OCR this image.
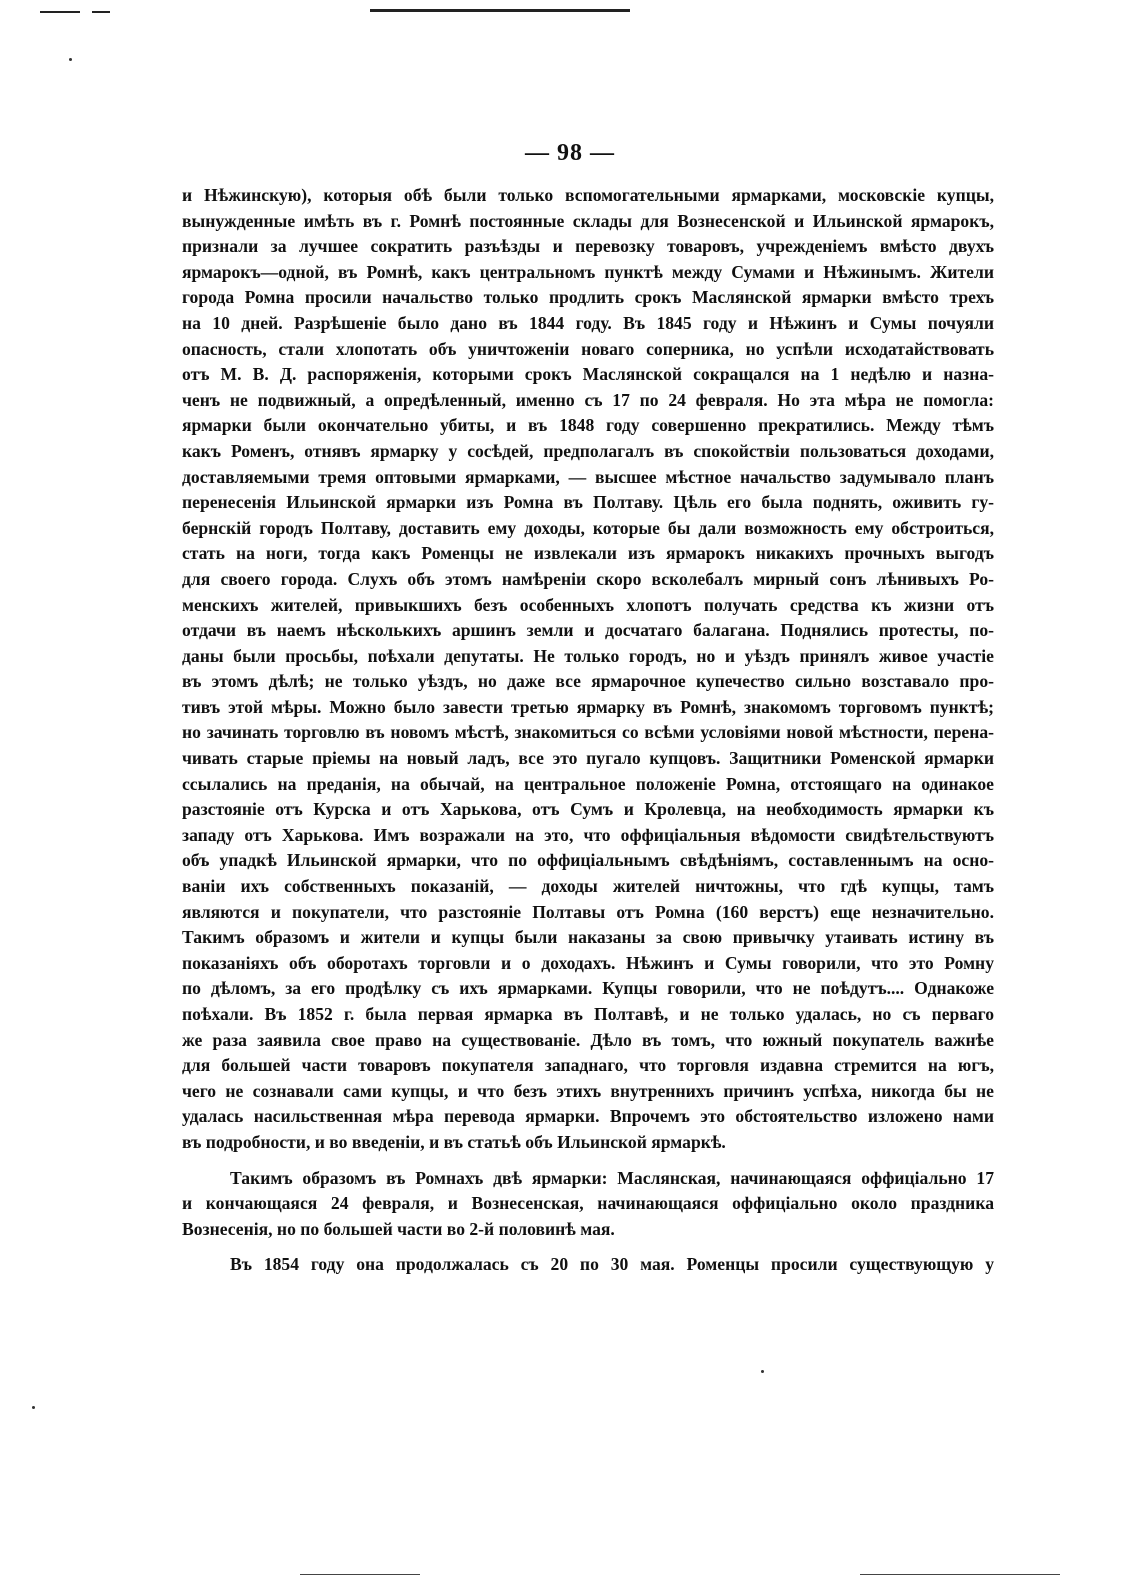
— 98 —
и Нѣжинскую), которыя обѣ были только вспомогательными ярмарками, московскіе купцы,
вынужденные имѣть въ г. Ромнѣ постоянные склады для Вознесенской и Ильинской ярмарокъ,
признали за лучшее сократить разъѣзды и перевозку товаровъ, учрежденіемъ вмѣсто двухъ
ярмарокъ—одной, въ Ромнѣ, какъ центральномъ пунктѣ между Сумами и Нѣжинымъ. Жители
города Ромна просили начальство только продлить срокъ Маслянской ярмарки вмѣсто трехъ
на 10 дней. Разрѣшеніе было дано въ 1844 году. Въ 1845 году и Нѣжинъ и Сумы почуяли
опасность, стали хлопотать объ уничтоженіи новаго соперника, но успѣли исходатайствовать
отъ М. В. Д. распоряженія, которыми срокъ Маслянской сокращался на 1 недѣлю и назна-
ченъ не подвижный, а опредѣленный, именно съ 17 по 24 февраля. Но эта мѣра не помогла:
ярмарки были окончательно убиты, и въ 1848 году совершенно прекратились. Между тѣмъ
какъ Роменъ, отнявъ ярмарку у сосѣдей, предполагалъ въ спокойствіи пользоваться доходами,
доставляемыми тремя оптовыми ярмарками, — высшее мѣстное начальство задумывало планъ
перенесенія Ильинской ярмарки изъ Ромна въ Полтаву. Цѣль его была поднять, оживить гу-
бернскій городъ Полтаву, доставить ему доходы, которые бы дали возможность ему обстроиться,
стать на ноги, тогда какъ Роменцы не извлекали изъ ярмарокъ никакихъ прочныхъ выгодъ
для своего города. Слухъ объ этомъ намѣреніи скоро всколебалъ мирный сонъ лѣнивыхъ Ро-
менскихъ жителей, привыкшихъ безъ особенныхъ хлопотъ получать средства къ жизни отъ
отдачи въ наемъ нѣсколькихъ аршинъ земли и досчатаго балагана. Поднялись протесты, по-
даны были просьбы, поѣхали депутаты. Не только городъ, но и уѣздъ принялъ живое участіе
въ этомъ дѣлѣ; не только уѣздъ, но даже все ярмарочное купечество сильно возставало про-
тивъ этой мѣры. Можно было завести третью ярмарку въ Ромнѣ, знакомомъ торговомъ пунктѣ;
но зачинать торговлю въ новомъ мѣстѣ, знакомиться со всѣми условіями новой мѣстности, перена-
чивать старые пріемы на новый ладъ, все это пугало купцовъ. Защитники Роменской ярмарки
ссылались на преданія, на обычай, на центральное положеніе Ромна, отстоящаго на одинакое
разстояніе отъ Курска и отъ Харькова, отъ Сумъ и Кролевца, на необходимость ярмарки къ
западу отъ Харькова. Имъ возражали на это, что оффиціальныя вѣдомости свидѣтельствуютъ
объ упадкѣ Ильинской ярмарки, что по оффиціальнымъ свѣдѣніямъ, составленнымъ на осно-
ваніи ихъ собственныхъ показаній, — доходы жителей ничтожны, что гдѣ купцы, тамъ
являются и покупатели, что разстояніе Полтавы отъ Ромна (160 верстъ) еще незначительно.
Такимъ образомъ и жители и купцы были наказаны за свою привычку утаивать истину въ
показаніяхъ объ оборотахъ торговли и о доходахъ. Нѣжинъ и Сумы говорили, что это Ромну
по дѣломъ, за его продѣлку съ ихъ ярмарками. Купцы говорили, что не поѣдутъ.... Однакоже
поѣхали. Въ 1852 г. была первая ярмарка въ Полтавѣ, и не только удалась, но съ перваго
же раза заявила свое право на существованіе. Дѣло въ томъ, что южный покупатель важнѣе
для большей части товаровъ покупателя западнаго, что торговля издавна стремится на югъ,
чего не сознавали сами купцы, и что безъ этихъ внутреннихъ причинъ успѣха, никогда бы не
удалась насильственная мѣра перевода ярмарки. Впрочемъ это обстоятельство изложено нами
въ подробности, и во введеніи, и въ статьѣ объ Ильинской ярмаркѣ.
Такимъ образомъ въ Ромнахъ двѣ ярмарки: Маслянская, начинающаяся оффиціально 17
и кончающаяся 24 февраля, и Вознесенская, начинающаяся оффиціально около праздника
Вознесенія, но по большей части во 2-й половинѣ мая.
Въ 1854 году она продолжалась съ 20 по 30 мая. Роменцы просили существующую у
